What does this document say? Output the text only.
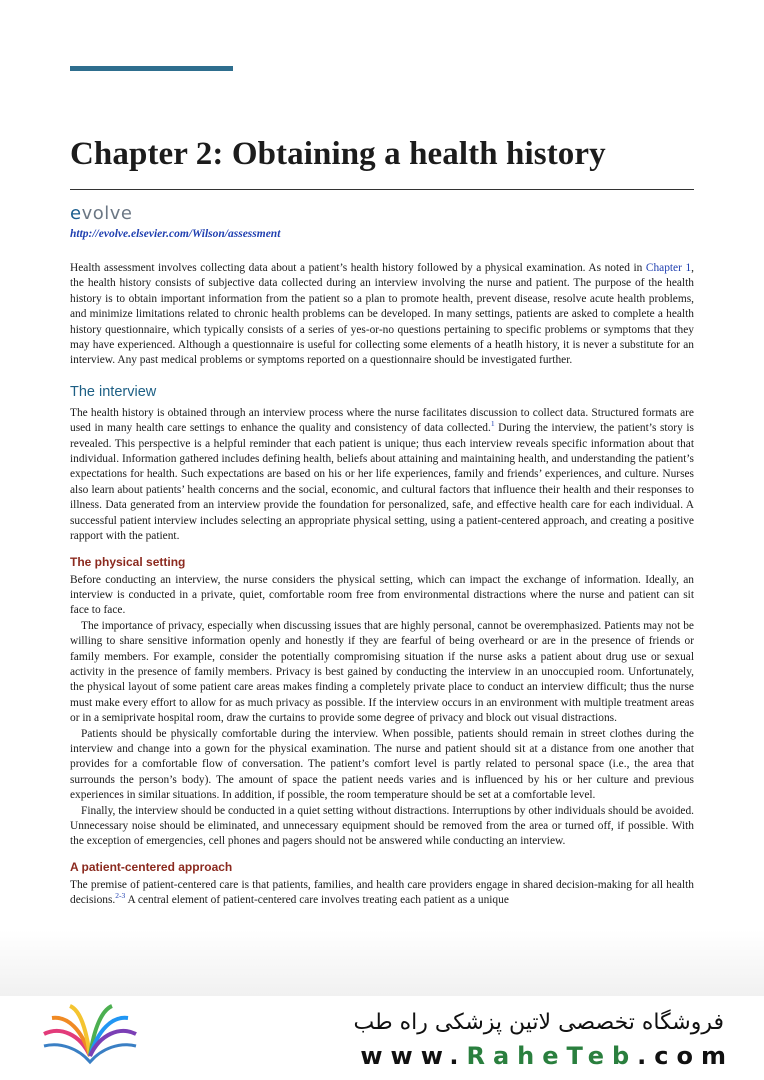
Chapter 2: Obtaining a health history
evolve
http://evolve.elsevier.com/Wilson/assessment

Health assessment involves collecting data about a patient’s health history followed by a physical examination. As noted in Chapter 1, the health history consists of subjective data collected during an interview involving the nurse and patient. The purpose of the health history is to obtain important information from the patient so a plan to promote health, prevent disease, resolve acute health problems, and minimize limitations related to chronic health problems can be developed. In many settings, patients are asked to complete a health history questionnaire, which typically consists of a series of yes-or-no questions pertaining to specific problems or symptoms that they may have experienced. Although a questionnaire is useful for collecting some elements of a heatlh history, it is never a substitute for an interview. Any past medical problems or symptoms reported on a questionnaire should be investigated further.

The interview

The health history is obtained through an interview process where the nurse facilitates discussion to collect data. Structured formats are used in many health care settings to enhance the quality and consistency of data collected.$^1$ During the interview, the patient’s story is revealed. This perspective is a helpful reminder that each patient is unique; thus each interview reveals specific information about that individual. Information gathered includes defining health, beliefs about attaining and maintaining health, and understanding the patient’s expectations for health. Such expectations are based on his or her life experiences, family and friends’ experiences, and culture. Nurses also learn about patients’ health concerns and the social, economic, and cultural factors that influence their health and their responses to illness. Data generated from an interview provide the foundation for personalized, safe, and effective health care for each individual. A successful patient interview includes selecting an appropriate physical setting, using a patient-centered approach, and creating a positive rapport with the patient.

The physical setting

Before conducting an interview, the nurse considers the physical setting, which can impact the exchange of information. Ideally, an interview is conducted in a private, quiet, comfortable room free from environmental distractions where the nurse and patient can sit face to face.

The importance of privacy, especially when discussing issues that are highly personal, cannot be overemphasized. Patients may not be willing to share sensitive information openly and honestly if they are fearful of being overheard or are in the presence of friends or family members. For example, consider the potentially compromising situation if the nurse asks a patient about drug use or sexual activity in the presence of family members. Privacy is best gained by conducting the interview in an unoccupied room. Unfortunately, the physical layout of some patient care areas makes finding a completely private place to conduct an interview difficult; thus the nurse must make every effort to allow for as much privacy as possible. If the interview occurs in an environment with multiple treatment areas or in a semiprivate hospital room, draw the curtains to provide some degree of privacy and block out visual distractions.

Patients should be physically comfortable during the interview. When possible, patients should remain in street clothes during the interview and change into a gown for the physical examination. The nurse and patient should sit at a distance from one another that provides for a comfortable flow of conversation. The patient’s comfort level is partly related to personal space (i.e., the area that surrounds the person’s body). The amount of space the patient needs varies and is influenced by his or her culture and previous experiences in similar situations. In addition, if possible, the room temperature should be set at a comfortable level.

Finally, the interview should be conducted in a quiet setting without distractions. Interruptions by other individuals should be avoided. Unnecessary noise should be eliminated, and unnecessary equipment should be removed from the area or turned off, if possible. With the exception of emergencies, cell phones and pagers should not be answered while conducting an interview.

A patient-centered approach

The premise of patient-centered care is that patients, families, and health care providers engage in shared decision-making for all health decisions.$^{2-3}$ A central element of patient-centered care involves treating each patient as a unique

فروشگاه تخصصی لاتین پزشکی راه طب
www.RaheTeb.com
